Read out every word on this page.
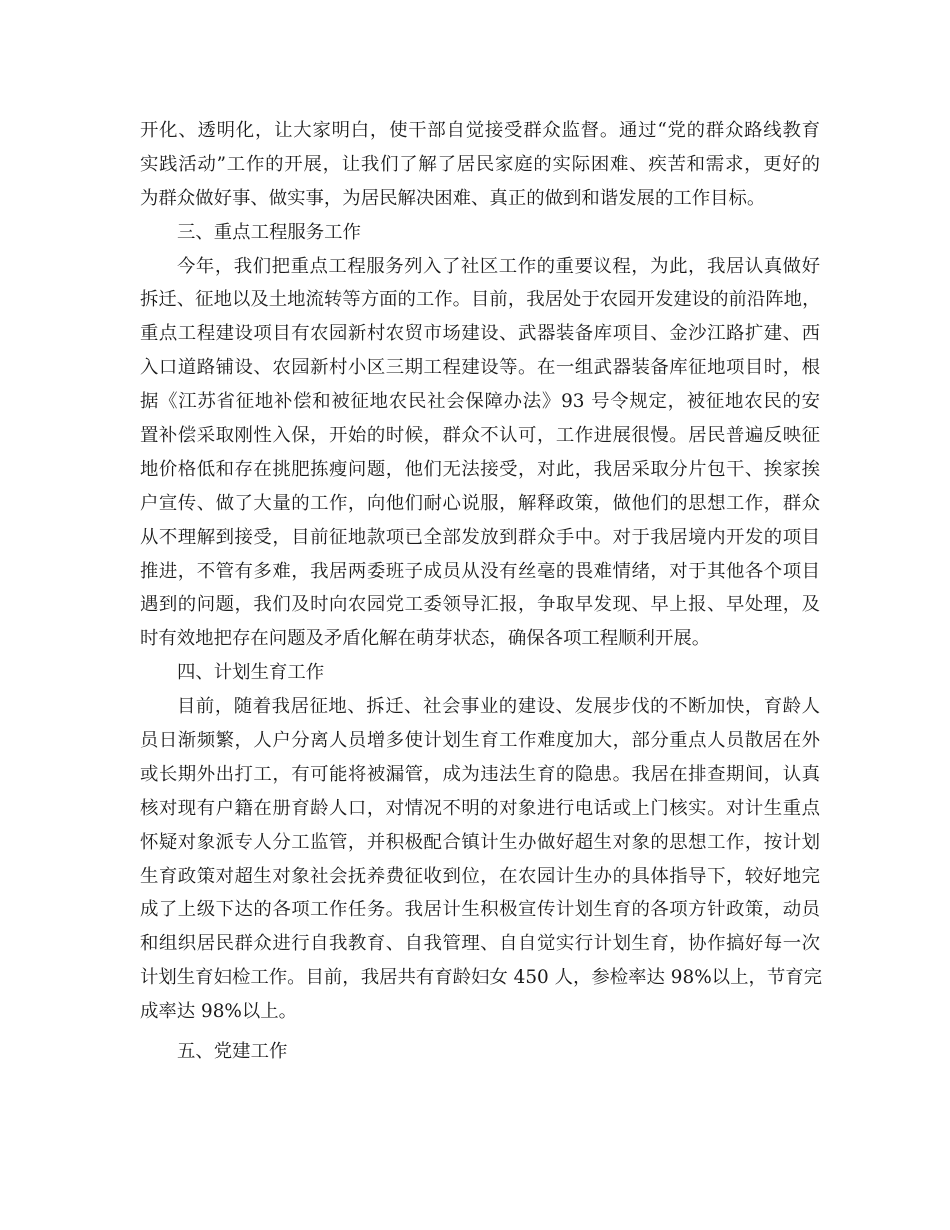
开化、透明化，让大家明白，使干部自觉接受群众监督。通过“党的群众路线教育
实践活动”工作的开展，让我们了解了居民家庭的实际困难、疾苦和需求，更好的
为群众做好事、做实事，为居民解决困难、真正的做到和谐发展的工作目标。
三、重点工程服务工作
今年，我们把重点工程服务列入了社区工作的重要议程，为此，我居认真做好
拆迁、征地以及土地流转等方面的工作。目前，我居处于农园开发建设的前沿阵地，
重点工程建设项目有农园新村农贸市场建设、武器装备库项目、金沙江路扩建、西
入口道路铺设、农园新村小区三期工程建设等。在一组武器装备库征地项目时，根
据《江苏省征地补偿和被征地农民社会保障办法》93 号令规定，被征地农民的安
置补偿采取刚性入保，开始的时候，群众不认可，工作进展很慢。居民普遍反映征
地价格低和存在挑肥拣瘦问题，他们无法接受，对此，我居采取分片包干、挨家挨
户宣传、做了大量的工作，向他们耐心说服，解释政策，做他们的思想工作，群众
从不理解到接受，目前征地款项已全部发放到群众手中。对于我居境内开发的项目
推进，不管有多难，我居两委班子成员从没有丝毫的畏难情绪，对于其他各个项目
遇到的问题，我们及时向农园党工委领导汇报，争取早发现、早上报、早处理，及
时有效地把存在问题及矛盾化解在萌芽状态，确保各项工程顺利开展。
四、计划生育工作
目前，随着我居征地、拆迁、社会事业的建设、发展步伐的不断加快，育龄人
员日渐频繁，人户分离人员增多使计划生育工作难度加大，部分重点人员散居在外
或长期外出打工，有可能将被漏管，成为违法生育的隐患。我居在排查期间，认真
核对现有户籍在册育龄人口，对情况不明的对象进行电话或上门核实。对计生重点
怀疑对象派专人分工监管，并积极配合镇计生办做好超生对象的思想工作，按计划
生育政策对超生对象社会抚养费征收到位，在农园计生办的具体指导下，较好地完
成了上级下达的各项工作任务。我居计生积极宣传计划生育的各项方针政策，动员
和组织居民群众进行自我教育、自我管理、自自觉实行计划生育，协作搞好每一次
计划生育妇检工作。目前，我居共有育龄妇女 450 人，参检率达 98%以上，节育完
成率达 98%以上。
五、党建工作
